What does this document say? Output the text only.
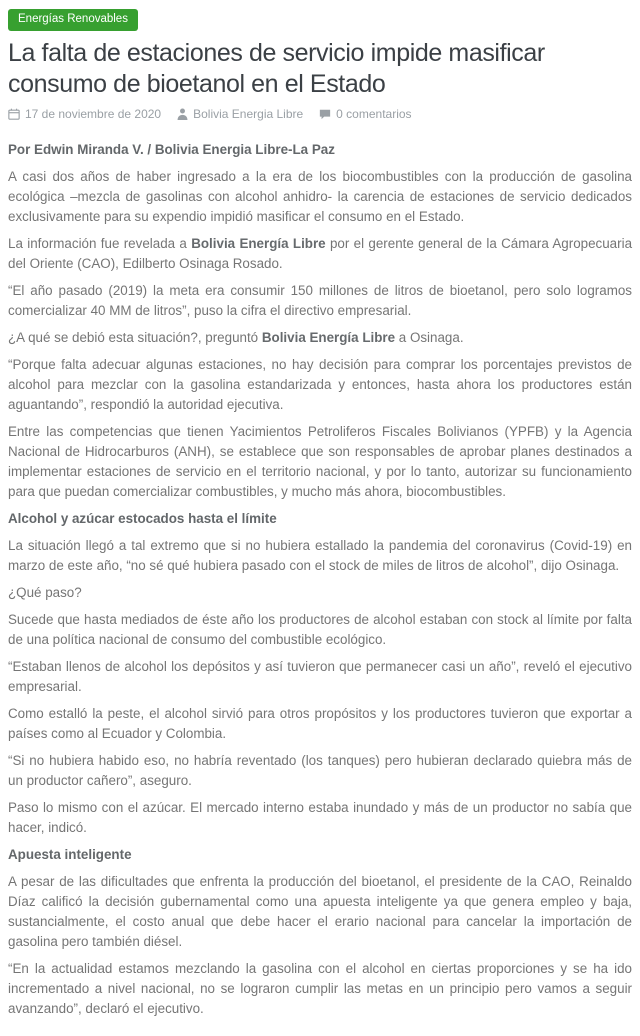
Energías Renovables
La falta de estaciones de servicio impide masificar consumo de bioetanol en el Estado
17 de noviembre de 2020	Bolivia Energia Libre	0 comentarios

Por Edwin Miranda V. / Bolivia Energia Libre-La Paz

A casi dos años de haber ingresado a la era de los biocombustibles con la producción de gasolina ecológica –mezcla de gasolinas con alcohol anhidro- la carencia de estaciones de servicio dedicados exclusivamente para su expendio impidió masificar el consumo en el Estado.

La información fue revelada a Bolivia Energía Libre por el gerente general de la Cámara Agropecuaria del Oriente (CAO), Edilberto Osinaga Rosado.

“El año pasado (2019) la meta era consumir 150 millones de litros de bioetanol, pero solo logramos comercializar 40 MM de litros”, puso la cifra el directivo empresarial.

¿A qué se debió esta situación?, preguntó Bolivia Energía Libre a Osinaga.

“Porque falta adecuar algunas estaciones, no hay decisión para comprar los porcentajes previstos de alcohol para mezclar con la gasolina estandarizada y entonces, hasta ahora los productores están aguantando”, respondió la autoridad ejecutiva.

Entre las competencias que tienen Yacimientos Petroliferos Fiscales Bolivianos (YPFB) y la Agencia Nacional de Hidrocarburos (ANH), se establece que son responsables de aprobar planes destinados a implementar estaciones de servicio en el territorio nacional, y por lo tanto, autorizar su funcionamiento para que puedan comercializar combustibles, y mucho más ahora, biocombustibles.

Alcohol y azúcar estocados hasta el límite

La situación llegó a tal extremo que si no hubiera estallado la pandemia del coronavirus (Covid-19) en marzo de este año, “no sé qué hubiera pasado con el stock de miles de litros de alcohol”, dijo Osinaga.

¿Qué paso?

Sucede que hasta mediados de éste año los productores de alcohol estaban con stock al límite por falta de una política nacional de consumo del combustible ecológico.

“Estaban llenos de alcohol los depósitos y así tuvieron que permanecer casi un año”, reveló el ejecutivo empresarial.

Como estalló la peste, el alcohol sirvió para otros propósitos y los productores tuvieron que exportar a países como al Ecuador y Colombia.

“Si no hubiera habido eso, no habría reventado (los tanques) pero hubieran declarado quiebra más de un productor cañero”, aseguro.

Paso lo mismo con el azúcar. El mercado interno estaba inundado y más de un productor no sabía que hacer, indicó.

Apuesta inteligente

A pesar de las dificultades que enfrenta la producción del bioetanol, el presidente de la CAO, Reinaldo Díaz calificó la decisión gubernamental como una apuesta inteligente ya que genera empleo y baja, sustancialmente, el costo anual que debe hacer el erario nacional para cancelar la importación de gasolina pero también diésel.

“En la actualidad estamos mezclando la gasolina con el alcohol en ciertas proporciones y se ha ido incrementado a nivel nacional, no se lograron cumplir las metas en un principio pero vamos a seguir avanzando”, declaró el ejecutivo.
